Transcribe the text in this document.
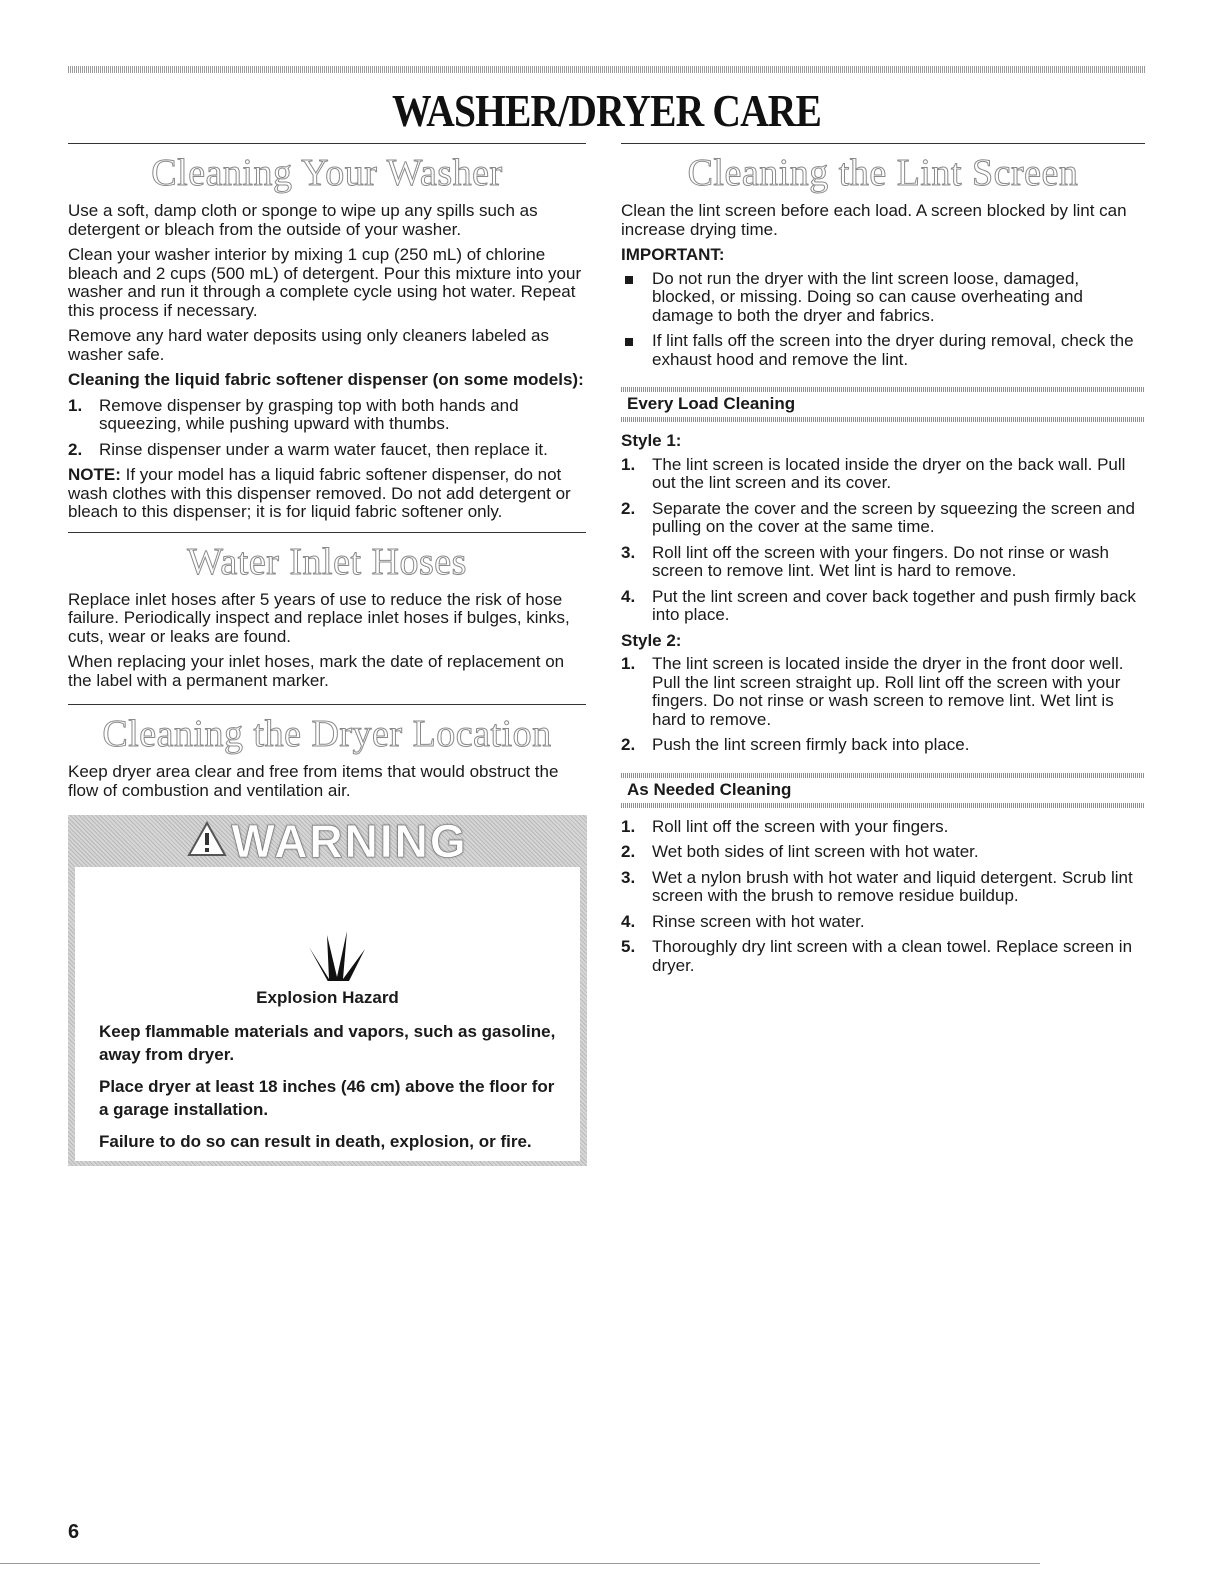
WASHER/DRYER CARE
Cleaning Your Washer

Use a soft, damp cloth or sponge to wipe up any spills such as detergent or bleach from the outside of your washer.

Clean your washer interior by mixing 1 cup (250 mL) of chlorine bleach and 2 cups (500 mL) of detergent. Pour this mixture into your washer and run it through a complete cycle using hot water. Repeat this process if necessary.

Remove any hard water deposits using only cleaners labeled as washer safe.

Cleaning the liquid fabric softener dispenser (on some models):

1. Remove dispenser by grasping top with both hands and squeezing, while pushing upward with thumbs.
2. Rinse dispenser under a warm water faucet, then replace it.

NOTE: If your model has a liquid fabric softener dispenser, do not wash clothes with this dispenser removed. Do not add detergent or bleach to this dispenser; it is for liquid fabric softener only.

Water Inlet Hoses

Replace inlet hoses after 5 years of use to reduce the risk of hose failure. Periodically inspect and replace inlet hoses if bulges, kinks, cuts, wear or leaks are found.

When replacing your inlet hoses, mark the date of replacement on the label with a permanent marker.

Cleaning the Dryer Location

Keep dryer area clear and free from items that would obstruct the flow of combustion and ventilation air.

WARNING

Explosion Hazard

Keep flammable materials and vapors, such as gasoline, away from dryer.

Place dryer at least 18 inches (46 cm) above the floor for a garage installation.

Failure to do so can result in death, explosion, or fire.

Cleaning the Lint Screen

Clean the lint screen before each load. A screen blocked by lint can increase drying time.

IMPORTANT:

Do not run the dryer with the lint screen loose, damaged, blocked, or missing. Doing so can cause overheating and damage to both the dryer and fabrics.
If lint falls off the screen into the dryer during removal, check the exhaust hood and remove the lint.
Every Load Cleaning

Style 1:

1. The lint screen is located inside the dryer on the back wall. Pull out the lint screen and its cover.
2. Separate the cover and the screen by squeezing the screen and pulling on the cover at the same time.
3. Roll lint off the screen with your fingers. Do not rinse or wash screen to remove lint. Wet lint is hard to remove.
4. Put the lint screen and cover back together and push firmly back into place.

Style 2:

1. The lint screen is located inside the dryer in the front door well. Pull the lint screen straight up. Roll lint off the screen with your fingers. Do not rinse or wash screen to remove lint. Wet lint is hard to remove.
2. Push the lint screen firmly back into place.
As Needed Cleaning
1. Roll lint off the screen with your fingers.
2. Wet both sides of lint screen with hot water.
3. Wet a nylon brush with hot water and liquid detergent. Scrub lint screen with the brush to remove residue buildup.
4. Rinse screen with hot water.
5. Thoroughly dry lint screen with a clean towel. Replace screen in dryer.
6
